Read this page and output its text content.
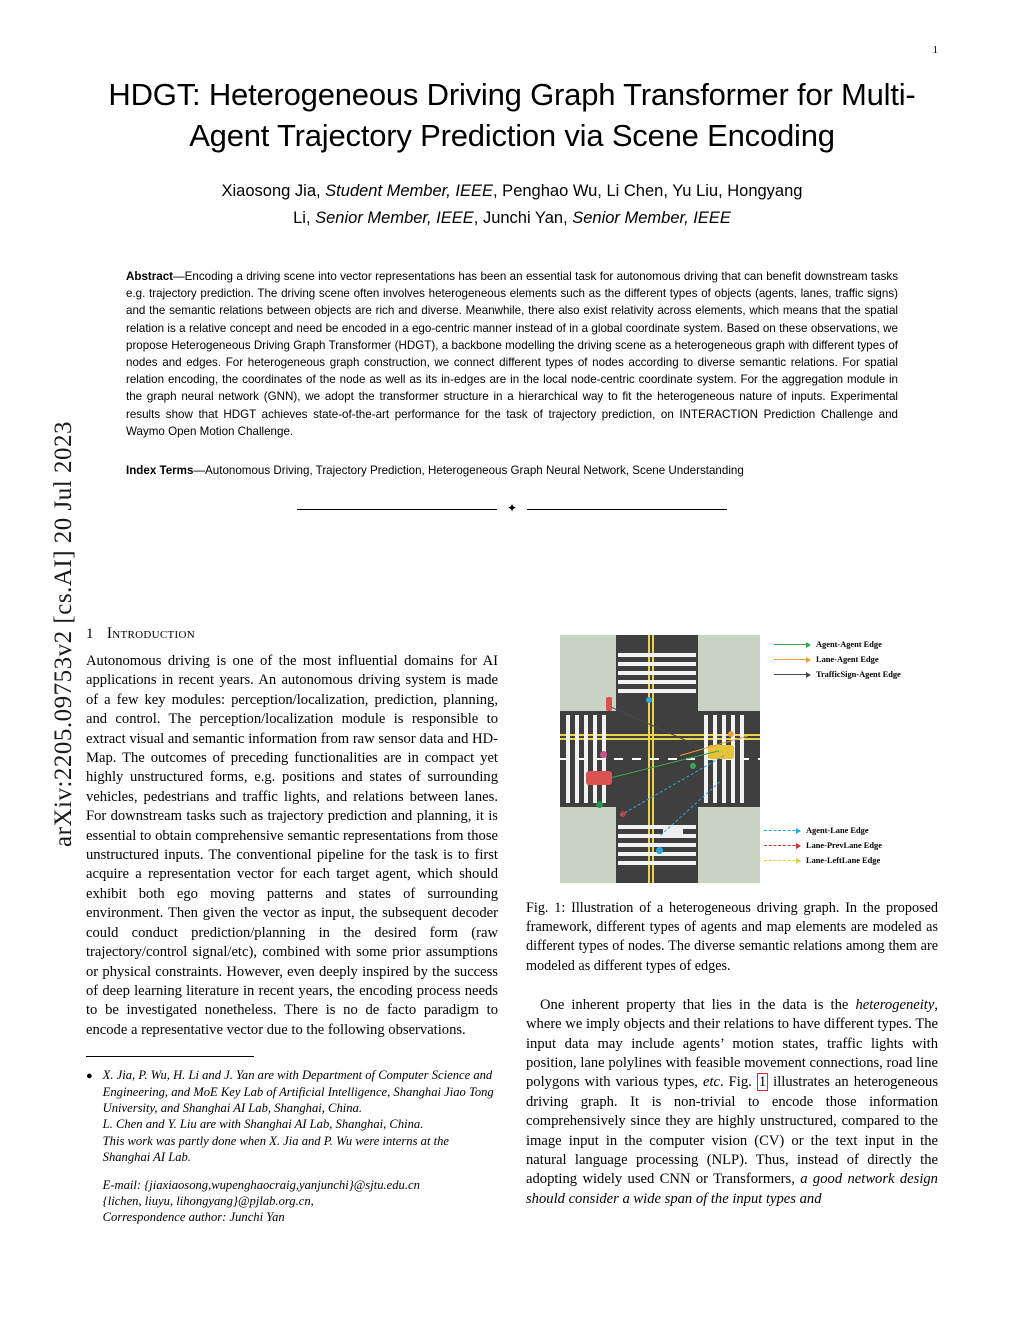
arXiv:2205.09753v2 [cs.AI] 20 Jul 2023
1
HDGT: Heterogeneous Driving Graph Transformer for Multi-Agent Trajectory Prediction via Scene Encoding
Xiaosong Jia, Student Member, IEEE, Penghao Wu, Li Chen, Yu Liu, Hongyang
Li, Senior Member, IEEE, Junchi Yan, Senior Member, IEEE
Abstract—Encoding a driving scene into vector representations has been an essential task for autonomous driving that can benefit downstream tasks e.g. trajectory prediction. The driving scene often involves heterogeneous elements such as the different types of objects (agents, lanes, traffic signs) and the semantic relations between objects are rich and diverse. Meanwhile, there also exist relativity across elements, which means that the spatial relation is a relative concept and need be encoded in a ego-centric manner instead of in a global coordinate system. Based on these observations, we propose Heterogeneous Driving Graph Transformer (HDGT), a backbone modelling the driving scene as a heterogeneous graph with different types of nodes and edges. For heterogeneous graph construction, we connect different types of nodes according to diverse semantic relations. For spatial relation encoding, the coordinates of the node as well as its in-edges are in the local node-centric coordinate system. For the aggregation module in the graph neural network (GNN), we adopt the transformer structure in a hierarchical way to fit the heterogeneous nature of inputs. Experimental results show that HDGT achieves state-of-the-art performance for the task of trajectory prediction, on INTERACTION Prediction Challenge and Waymo Open Motion Challenge.
Index Terms—Autonomous Driving, Trajectory Prediction, Heterogeneous Graph Neural Network, Scene Understanding
✦
1 Introduction

Autonomous driving is one of the most influential domains for AI applications in recent years. An autonomous driving system is made of a few key modules: perception/localization, prediction, planning, and control. The perception/localization module is responsible to extract visual and semantic information from raw sensor data and HD-Map. The outcomes of preceding functionalities are in compact yet highly unstructured forms, e.g. positions and states of surrounding vehicles, pedestrians and traffic lights, and relations between lanes. For downstream tasks such as trajectory prediction and planning, it is essential to obtain comprehensive semantic representations from those unstructured inputs. The conventional pipeline for the task is to first acquire a representation vector for each target agent, which should exhibit both ego moving patterns and states of surrounding environment. Then given the vector as input, the subsequent decoder could conduct prediction/planning in the desired form (raw trajectory/control signal/etc), combined with some prior assumptions or physical constraints. However, even deeply inspired by the success of deep learning literature in recent years, the encoding process needs to be investigated nonetheless. There is no de facto paradigm to encode a representative vector due to the following observations.

● X. Jia, P. Wu, H. Li and J. Yan are with Department of Computer Science and Engineering, and MoE Key Lab of Artificial Intelligence, Shanghai Jiao Tong University, and Shanghai AI Lab, Shanghai, China.

L. Chen and Y. Liu are with Shanghai AI Lab, Shanghai, China.

This work was partly done when X. Jia and P. Wu were interns at the Shanghai AI Lab.

E-mail: {jiaxiaosong,wupenghaocraig,yanjunchi}@sjtu.edu.cn

{lichen, liuyu, lihongyang}@pjlab.org.cn,

Correspondence author: Junchi Yan

Agent-Agent Edge
Lane-Agent Edge
TrafficSign-Agent Edge
Agent-Lane Edge
Lane-PrevLane Edge
Lane-LeftLane Edge
Fig. 1: Illustration of a heterogeneous driving graph. In the proposed framework, different types of agents and map elements are modeled as different types of nodes. The diverse semantic relations among them are modeled as different types of edges.

One inherent property that lies in the data is the heterogeneity, where we imply objects and their relations to have different types. The input data may include agents’ motion states, traffic lights with position, lane polylines with feasible movement connections, road line polygons with various types, etc. Fig. 1 illustrates an heterogeneous driving graph. It is non-trivial to encode those information comprehensively since they are highly unstructured, compared to the image input in the computer vision (CV) or the text input in the natural language processing (NLP). Thus, instead of directly the adopting widely used CNN or Transformers, a good network design should consider a wide span of the input types and
